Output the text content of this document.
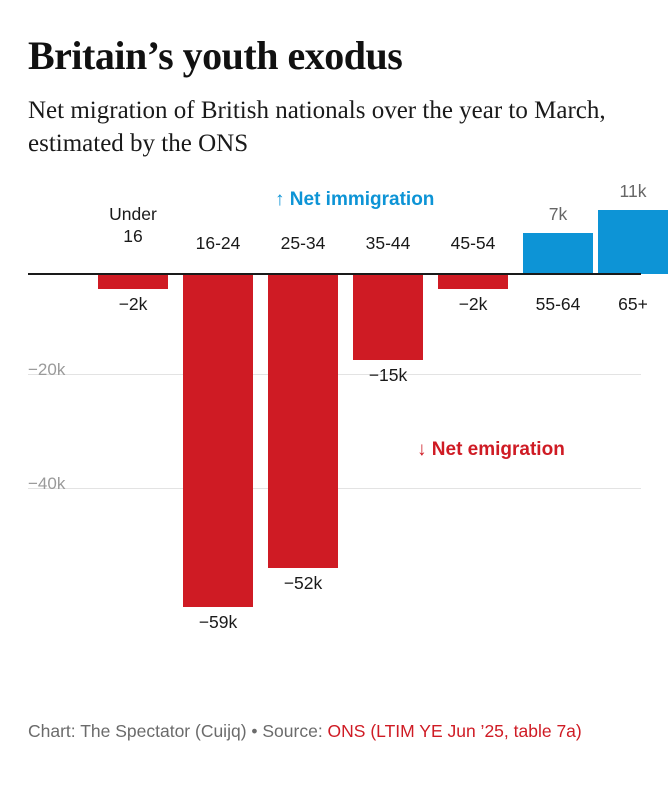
Britain’s youth exodus

Net migration of British nationals over the year to March, estimated by the ONS

−20k
−40k
↑ Net immigration
↓ Net emigration
Under
16
−2k
16-24
−59k
25-34
−52k
35-44
−15k
45-54
−2k
7k
55-64
11k
65+
Chart: The Spectator (Cuijq) • Source: ONS (LTIM YE Jun ’25, table 7a)
